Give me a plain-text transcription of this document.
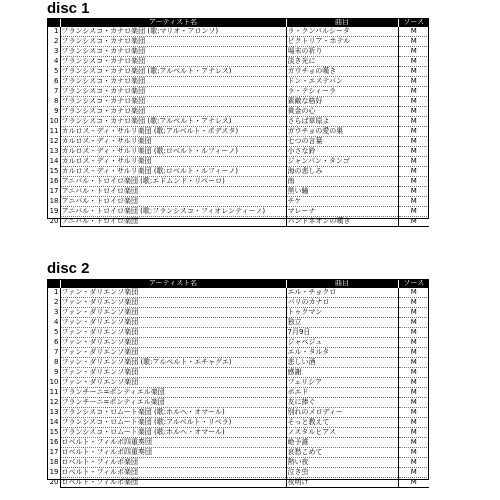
disc 1
	アーティスト名	曲目	ソース
1	フランシスコ・カナロ楽団 (歌:マリオ・アロンソ)	ラ・クンパルシータ	M
2	フランシスコ・カナロ楽団	ピクトリア・ホテル	M
3	フランシスコ・カナロ楽団	場末の祈り	M
4	フランシスコ・カナロ楽団	淡き光に	M
5	フランシスコ・カナロ楽団 (歌:アルベルト・アナレス)	ガウチョの嘆き	M
6	フランシスコ・カナロ楽団	ドン・エステバン	M
7	フランシスコ・カナロ楽団	ラ・テシィーラ	M
8	フランシスコ・カナロ楽団	素敵な格好	M
9	フランシスコ・カナロ楽団	黄金の心	M
10	フランシスコ・カナロ楽団 (歌:アルベルト・アナレス)	さらば草原よ	M
11	カルロス・ディ・サルリ楽団 (歌:アルベルト・ポデスタ)	ガウチョの愛の巣	M
12	カルロス・ディ・サルリ楽団	七つの言葉	M
13	カルロス・ディ・サルリ楽団 (歌:ロベルト・ルフィーノ)	小さな鈴	M
14	カルロス・ディ・サルリ楽団	ジャンパン・タンゴ	M
15	カルロス・ディ・サルリ楽団 (歌:ロベルト・ルフィーノ)	海の悲しみ	M
16	アニバル・トロイロ楽団 (歌:エドムンド・リベーロ)	南	M
17	アニバル・トロイロ楽団	黒い瞳	M
18	アニバル・トロイロ楽団	チケ	M
19	アニバル・トロイロ楽団 (歌:フランシスコ・フィオレンティーノ)	マレーナ	M
20	アニバル・トロイロ楽団	バンドネオンの嘆き	M
disc 2
	アーティスト名	曲目	ソース
1	ファン・ダリエンソ楽団	エル・チョクロ	M
2	ファン・ダリエンソ楽団	パリのカナロ	M
3	ファン・ダリエンソ楽団	トゥクマン	M
4	ファン・ダリエンソ楽団	独立	M
5	ファン・ダリエンソ楽団	7月9日	M
6	ファン・ダリエンソ楽団	ジャベジュ	M
7	ファン・ダリエンソ楽団	エル・タルタ	M
8	ファン・ダリエンソ楽団 (歌:アルベルト・エチャグエ)	悲しい酒	M
9	ファン・ダリエンソ楽団	感謝	M
10	ファン・ダリエンソ楽団	フェリシア	M
11	フランチーニ=ポンティエル楽団	ボエド	M
12	フランチーニ=ポンティエル楽団	友に捧ぐ	M
13	フランシスコ・ロムート楽団 (歌:ホルヘ・オマール)	別れのメロディー	M
14	フランシスコ・ロムート楽団 (歌:アルベルト・リベラ)	そっと教えて	M
15	フランシスコ・ロムート楽団 (歌:ホルヘ・オマール)	ノスタルヒアス	M
16	ロベルト・フィルポ四重奏団	絶予誰	M
17	ロベルト・フィルポ四重奏団	哀愁こめて	M
18	ロベルト・フィルポ楽団	熱い夜	M
19	ロベルト・フィルポ楽団	泣き虫	M
20	ロベルト・フィルポ楽団	夜明け	M
